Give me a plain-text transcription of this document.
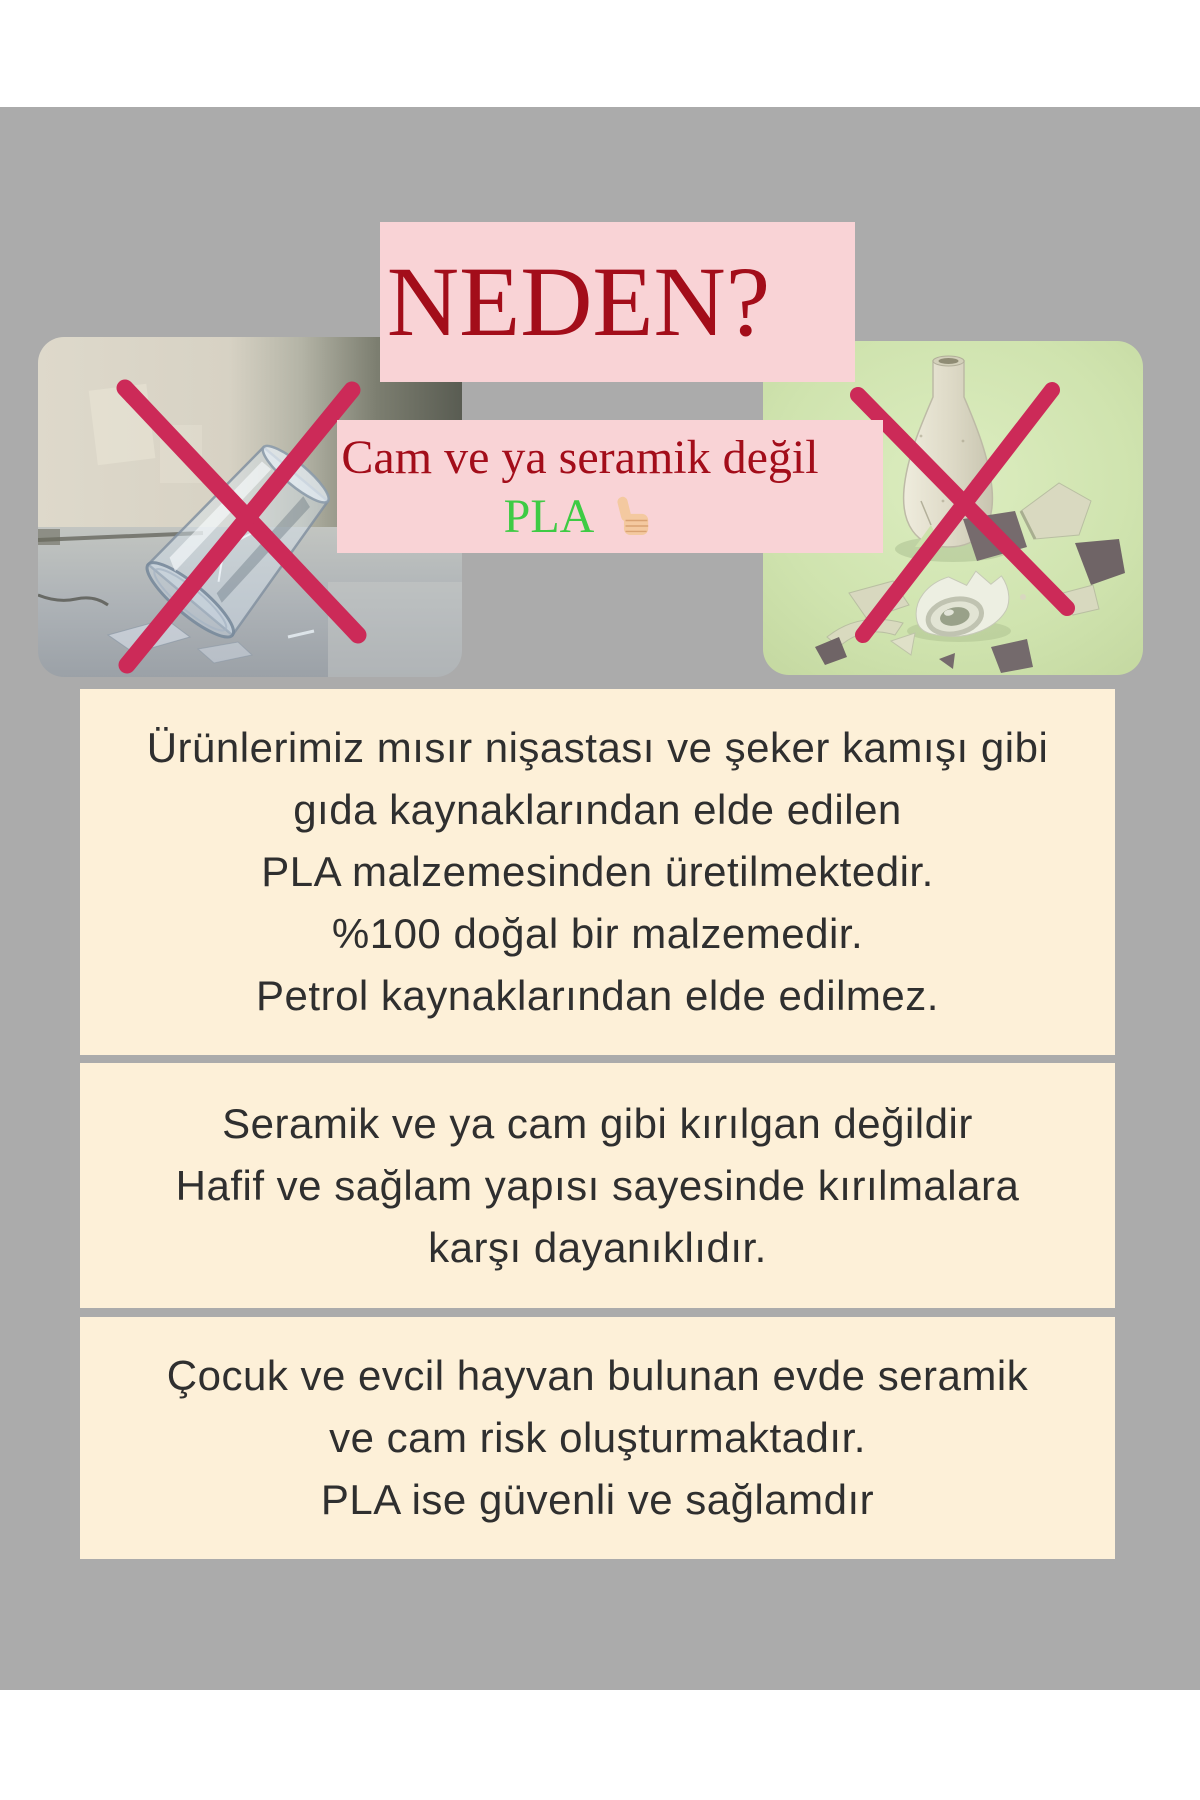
NEDEN?
Cam ve ya seramik değil
PLA

Ürünlerimiz mısır nişastası ve şeker kamışı gibi

gıda kaynaklarından elde edilen

PLA malzemesinden üretilmektedir.

%100 doğal bir malzemedir.

Petrol kaynaklarından elde edilmez.

Seramik ve ya cam gibi kırılgan değildir

Hafif ve sağlam yapısı sayesinde kırılmalara

karşı dayanıklıdır.

Çocuk ve evcil hayvan bulunan evde seramik

ve cam risk oluşturmaktadır.

PLA ise güvenli ve sağlamdır
